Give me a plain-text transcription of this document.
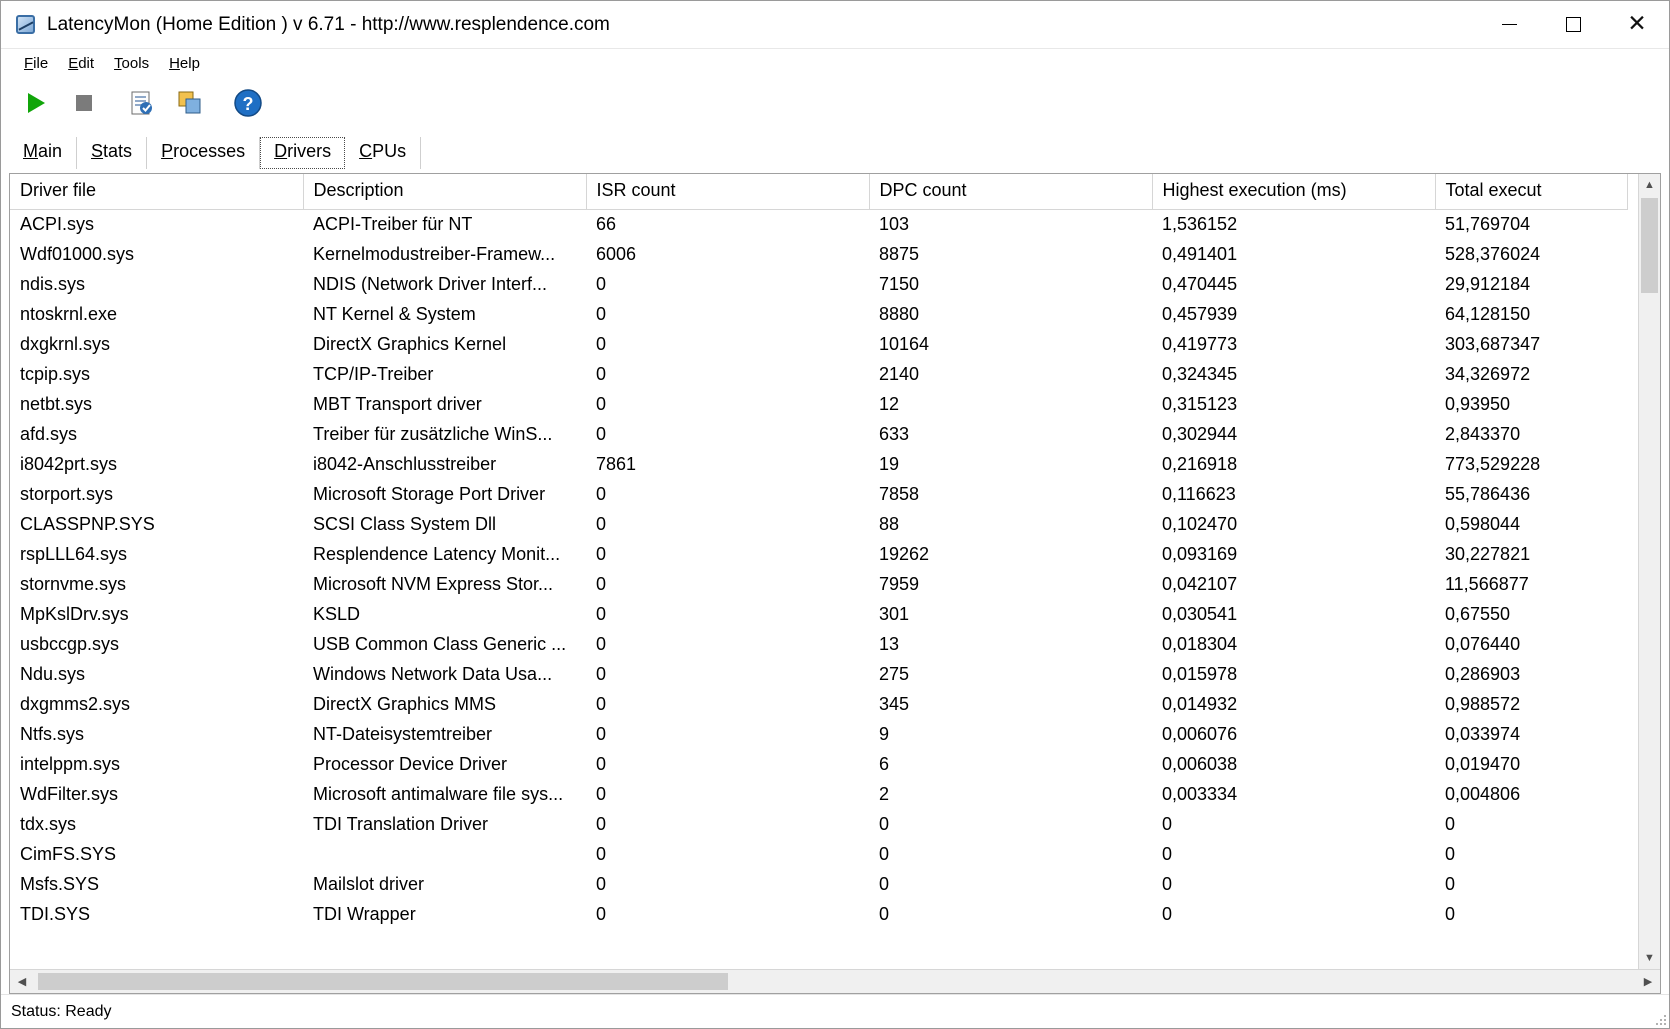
LatencyMon (Home Edition ) v 6.71 - http://www.resplendence.com	✕
File	Edit	Tools	Help
?
Main	Stats	Processes	Drivers	CPUs
Driver file	Description	ISR count	DPC count	Highest execution (ms)	Total execut
ACPI.sys	ACPI-Treiber für NT	66	103	1,536152	51,769704
Wdf01000.sys	Kernelmodustreiber-Framew...	6006	8875	0,491401	528,376024
ndis.sys	NDIS (Network Driver Interf...	0	7150	0,470445	29,912184
ntoskrnl.exe	NT Kernel & System	0	8880	0,457939	64,128150
dxgkrnl.sys	DirectX Graphics Kernel	0	10164	0,419773	303,687347
tcpip.sys	TCP/IP-Treiber	0	2140	0,324345	34,326972
netbt.sys	MBT Transport driver	0	12	0,315123	0,93950
afd.sys	Treiber für zusätzliche WinS...	0	633	0,302944	2,843370
i8042prt.sys	i8042-Anschlusstreiber	7861	19	0,216918	773,529228
storport.sys	Microsoft Storage Port Driver	0	7858	0,116623	55,786436
CLASSPNP.SYS	SCSI Class System Dll	0	88	0,102470	0,598044
rspLLL64.sys	Resplendence Latency Monit...	0	19262	0,093169	30,227821
stornvme.sys	Microsoft NVM Express Stor...	0	7959	0,042107	11,566877
MpKslDrv.sys	KSLD	0	301	0,030541	0,67550
usbccgp.sys	USB Common Class Generic ...	0	13	0,018304	0,076440
Ndu.sys	Windows Network Data Usa...	0	275	0,015978	0,286903
dxgmms2.sys	DirectX Graphics MMS	0	345	0,014932	0,988572
Ntfs.sys	NT-Dateisystemtreiber	0	9	0,006076	0,033974
intelppm.sys	Processor Device Driver	0	6	0,006038	0,019470
WdFilter.sys	Microsoft antimalware file sys...	0	2	0,003334	0,004806
tdx.sys	TDI Translation Driver	0	0	0	0
CimFS.SYS		0	0	0	0
Msfs.SYS	Mailslot driver	0	0	0	0
TDI.SYS	TDI Wrapper	0	0	0	0
▲
▼
◀	▶
Status: Ready
